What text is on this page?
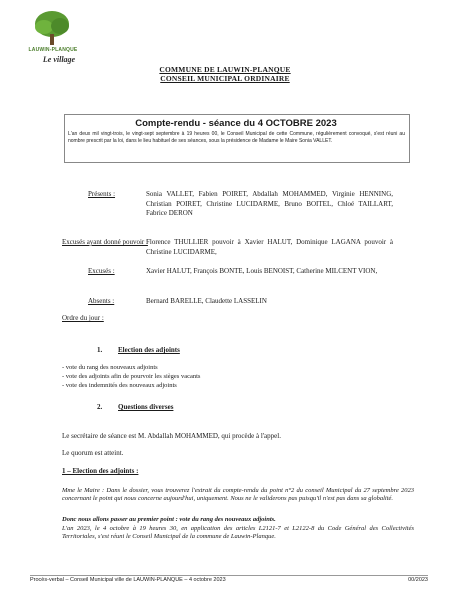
LAUWIN-PLANQUE
Le village
COMMUNE DE LAUWIN-PLANQUE
CONSEIL MUNICIPAL ORDINAIRE
Compte-rendu - séance du 4 OCTOBRE 2023
L'an deux mil vingt-trois, le vingt-sept septembre à 19 heures 00, le Conseil Municipal de cette Commune, régulièrement convoqué, s'est réuni au nombre prescrit par la loi, dans le lieu habituel de ses séances, sous la présidence de Madame le Maire Sonia VALLET.
Présents :	Sonia VALLET, Fabien POIRET, Abdallah MOHAMMED, Virginie HENNING, Christian POIRET, Christine LUCIDARME, Bruno BOITEL, Chloé TAILLART, Fabrice DERON
Excusés ayant donné pouvoir :
Florence THULLIER pouvoir à Xavier HALUT, Dominique LAGANA pouvoir à Christine LUCIDARME,
Excusés :	Xavier HALUT, François BONTE, Louis BENOIST, Catherine MILCENT VION,
Absents :	Bernard BARELLE, Claudette LASSELIN
Ordre du jour :
1. Election des adjoints
- vote du rang des nouveaux adjoints
- vote des adjoints afin de pourvoir les sièges vacants
- vote des indemnités des nouveaux adjoints
2. Questions diverses
Le secrétaire de séance est M. Abdallah MOHAMMED, qui procède à l'appel.
Le quorum est atteint.
1 – Election des adjoints :
Mme le Maire : Dans le dossier, vous trouverez l'extrait du compte-rendu du point n°2 du conseil Municipal du 27 septembre 2023 concernant le point qui nous concerne aujourd'hui, uniquement. Nous ne le validerons pas puisqu'il n'est pas dans sa globalité.
Donc nous allons passer au premier point : vote du rang des nouveaux adjoints.
L'an 2023, le 4 octobre à 19 heures 30, en application des articles L2121-7 et L2122-8 du Code Général des Collectivités Territoriales, s'est réuni le Conseil Municipal de la commune de Lauwin-Planque.
Procès-verbal – Conseil Municipal ville de LAUWIN-PLANQUE – 4 octobre 2023	00/2023
